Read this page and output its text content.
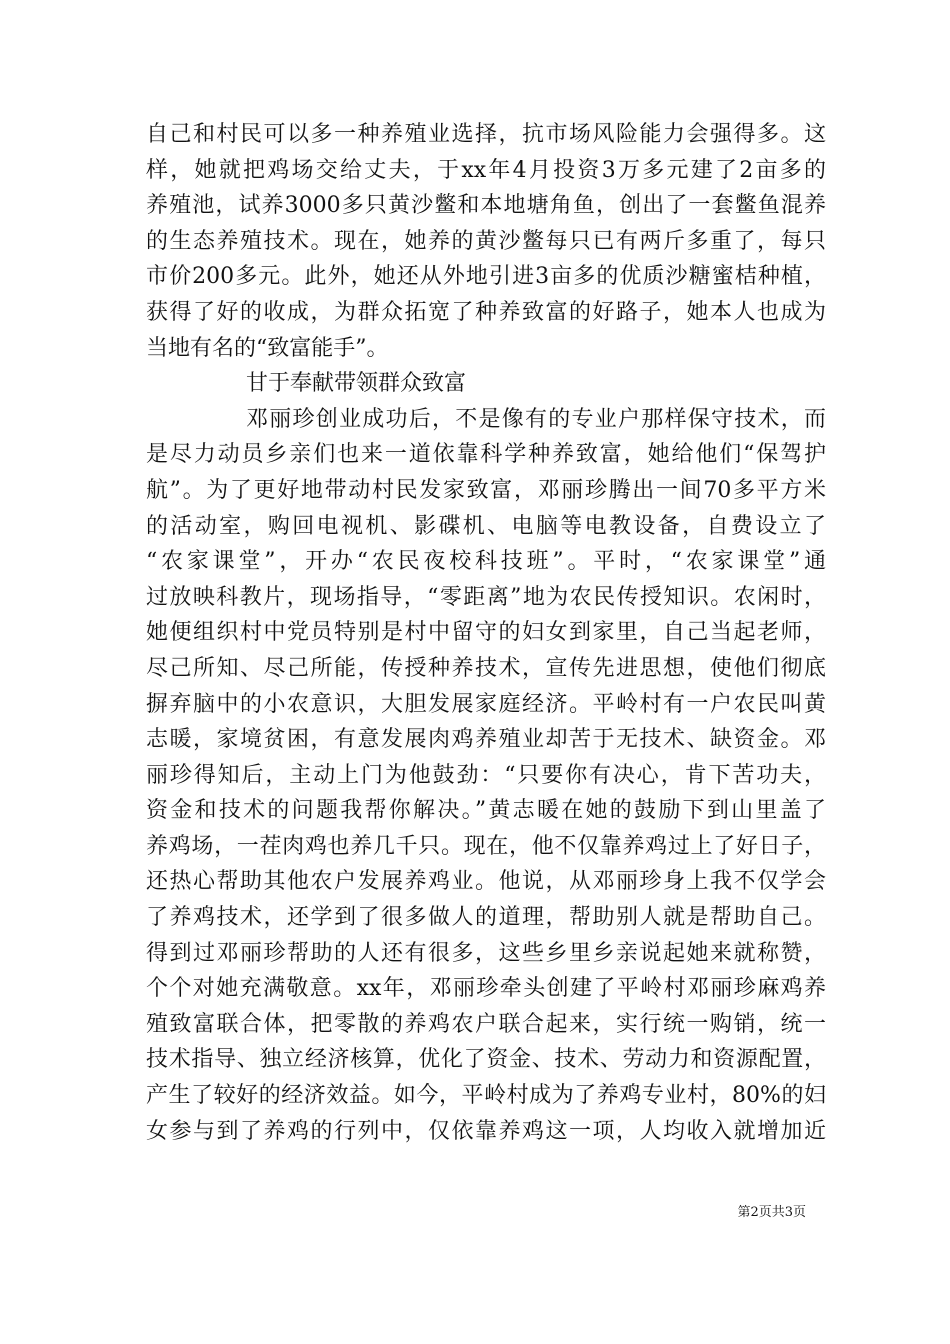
自己和村民可以多一种养殖业选择，抗市场风险能力会强得多。这
样，她就把鸡场交给丈夫，于xx年4月投资3万多元建了2亩多的
养殖池，试养3000多只黄沙鳖和本地塘角鱼，创出了一套鳖鱼混养
的生态养殖技术。现在，她养的黄沙鳖每只已有两斤多重了，每只
市价200多元。此外，她还从外地引进3亩多的优质沙糖蜜桔种植，
获得了好的收成，为群众拓宽了种养致富的好路子，她本人也成为
当地有名的“致富能手”。
甘于奉献带领群众致富
邓丽珍创业成功后，不是像有的专业户那样保守技术，而
是尽力动员乡亲们也来一道依靠科学种养致富，她给他们“保驾护
航”。为了更好地带动村民发家致富，邓丽珍腾出一间70多平方米
的活动室，购回电视机、影碟机、电脑等电教设备，自费设立了
“农家课堂”，开办“农民夜校科技班”。平时，“农家课堂”通
过放映科教片，现场指导，“零距离”地为农民传授知识。农闲时，
她便组织村中党员特别是村中留守的妇女到家里，自己当起老师，
尽己所知、尽己所能，传授种养技术，宣传先进思想，使他们彻底
摒弃脑中的小农意识，大胆发展家庭经济。平岭村有一户农民叫黄
志暖，家境贫困，有意发展肉鸡养殖业却苦于无技术、缺资金。邓
丽珍得知后，主动上门为他鼓劲：“只要你有决心，肯下苦功夫，
资金和技术的问题我帮你解决。”黄志暖在她的鼓励下到山里盖了
养鸡场，一茬肉鸡也养几千只。现在，他不仅靠养鸡过上了好日子，
还热心帮助其他农户发展养鸡业。他说，从邓丽珍身上我不仅学会
了养鸡技术，还学到了很多做人的道理，帮助别人就是帮助自己。
得到过邓丽珍帮助的人还有很多，这些乡里乡亲说起她来就称赞，
个个对她充满敬意。xx年，邓丽珍牵头创建了平岭村邓丽珍麻鸡养
殖致富联合体，把零散的养鸡农户联合起来，实行统一购销，统一
技术指导、独立经济核算，优化了资金、技术、劳动力和资源配置，
产生了较好的经济效益。如今，平岭村成为了养鸡专业村，80%的妇
女参与到了养鸡的行列中，仅依靠养鸡这一项，人均收入就增加近
第2页共3页
